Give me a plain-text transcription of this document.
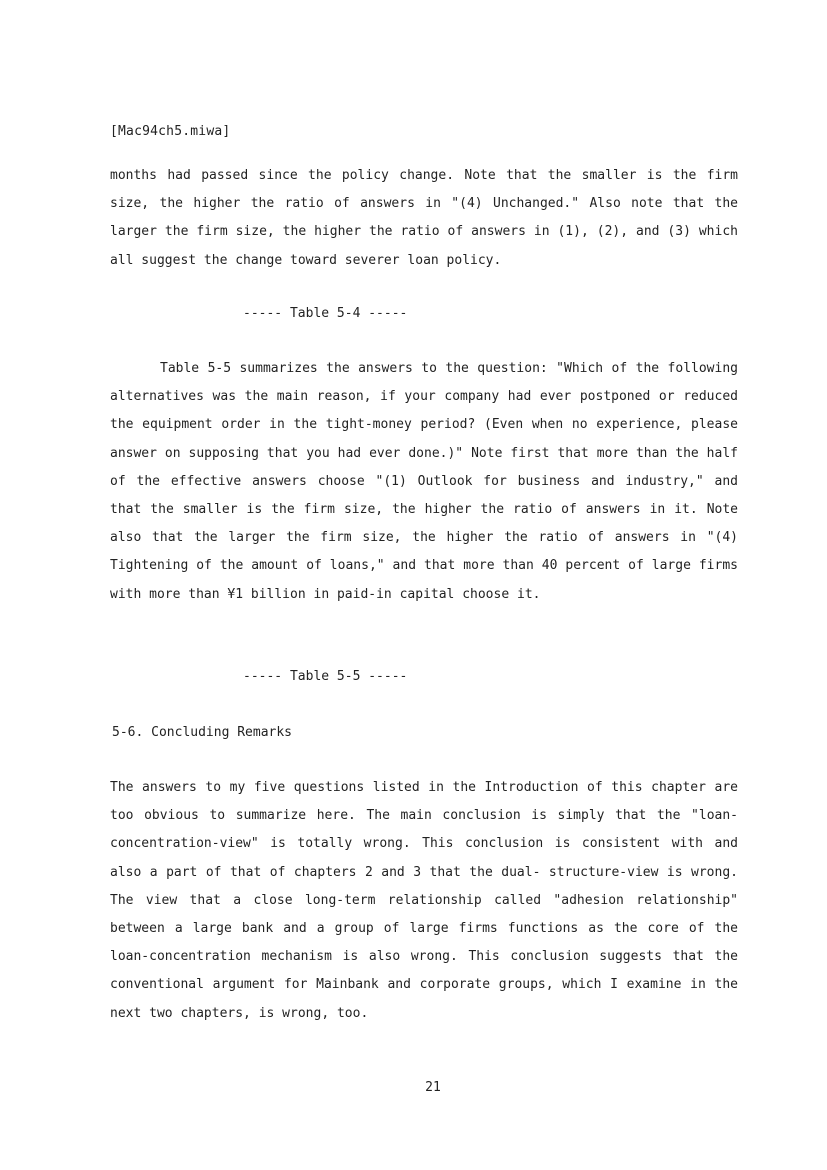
[Mac94ch5.miwa]

months had passed since the policy change. Note that the smaller is the firm size, the higher the ratio of answers in "(4) Unchanged." Also note that the larger the firm size, the higher the ratio of answers in (1), (2), and (3) which all suggest the change toward severer loan policy.

----- Table 5-4 -----

Table 5-5 summarizes the answers to the question: "Which of the following alternatives was the main reason, if your company had ever postponed or reduced the equipment order in the tight-money period? (Even when no experience, please answer on supposing that you had ever done.)" Note first that more than the half of the effective answers choose "(1) Outlook for business and industry," and that the smaller is the firm size, the higher the ratio of answers in it. Note also that the larger the firm size, the higher the ratio of answers in "(4) Tightening of the amount of loans," and that more than 40 percent of large firms with more than ¥1 billion in paid-in capital choose it.

----- Table 5-5 -----
5-6. Concluding Remarks

The answers to my five questions listed in the Introduction of this chapter are too obvious to summarize here. The main conclusion is simply that the "loan-concentration-view" is totally wrong. This conclusion is consistent with and also a part of that of chapters 2 and 3 that the dual- structure-view is wrong. The view that a close long-term relationship called "adhesion relationship" between a large bank and a group of large firms functions as the core of the loan-concentration mechanism is also wrong. This conclusion suggests that the conventional argument for Mainbank and corporate groups, which I examine in the next two chapters, is wrong, too.

21
